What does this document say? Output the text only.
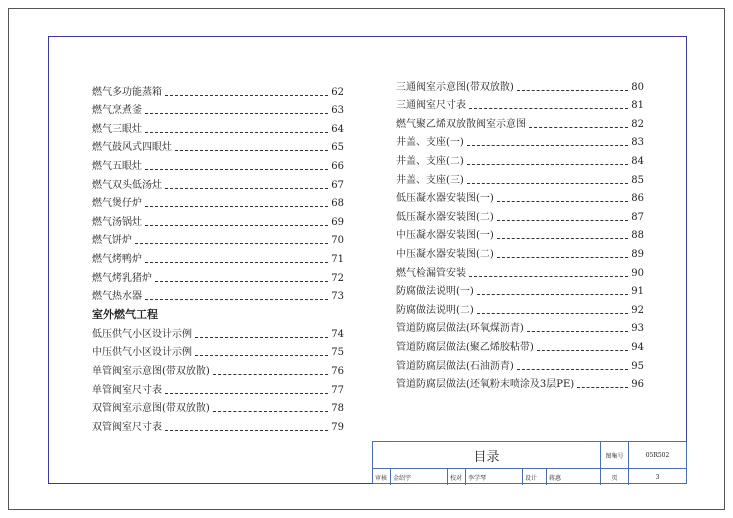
燃气多功能蒸箱	62
燃气烹煮釜	63
燃气三眼灶	64
燃气鼓风式四眼灶	65
燃气五眼灶	66
燃气双头低汤灶	67
燃气煲仔炉	68
燃气汤锅灶	69
燃气饼炉	70
燃气烤鸭炉	71
燃气烤乳猪炉	72
燃气热水器	73
室外燃气工程
低压供气小区设计示例	74
中压供气小区设计示例	75
单管阀室示意图(带双放散)	76
单管阀室尺寸表	77
双管阀室示意图(带双放散)	78
双管阀室尺寸表	79
三通阀室示意图(带双放散)	80
三通阀室尺寸表	81
燃气聚乙烯双放散阀室示意图	82
井盖、支座(一)	83
井盖、支座(二)	84
井盖、支座(三)	85
低压凝水器安装图(一)	86
低压凝水器安装图(二)	87
中压凝水器安装图(一)	88
中压凝水器安装图(二)	89
燃气检漏管安装	90
防腐做法说明(一)	91
防腐做法说明(二)	92
管道防腐层做法(环氧煤沥青)	93
管道防腐层做法(聚乙烯胶粘带)	94
管道防腐层做法(石油沥青)	95
管道防腐层做法(还氧粉末喷涂及3层PE)	96
目录	图集号	05R502
审核 金绍宇	校对 李学琴	设计	蒋惠	页	3
